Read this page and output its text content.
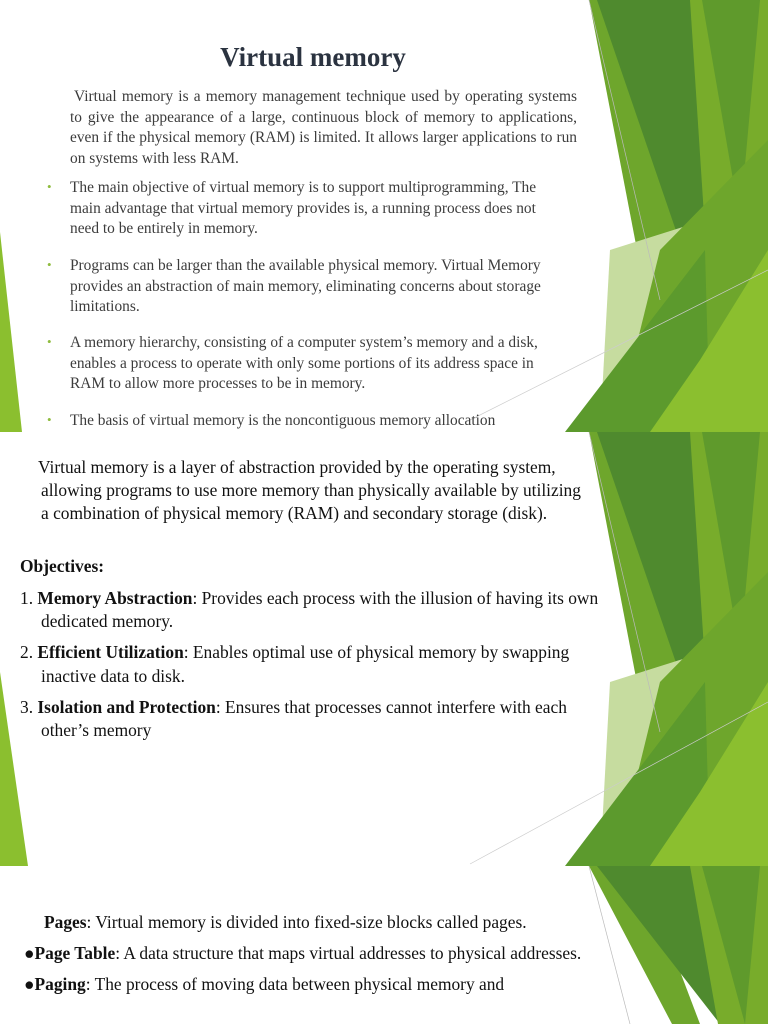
Virtual memory

Virtual memory is a memory management technique used by operating systems to give the appearance of a large, continuous block of memory to applications, even if the physical memory (RAM) is limited. It allows larger applications to run on systems with less RAM.

• The main objective of virtual memory is to support multiprogramming, The main advantage that virtual memory provides is, a running process does not need to be entirely in memory.
• Programs can be larger than the available physical memory. Virtual Memory provides an abstraction of main memory, eliminating concerns about storage limitations.
• A memory hierarchy, consisting of a computer system’s memory and a disk, enables a process to operate with only some portions of its address space in RAM to allow more processes to be in memory.
• The basis of virtual memory is the noncontiguous memory allocation

Virtual memory is a layer of abstraction provided by the operating system, allowing programs to use more memory than physically available by utilizing a combination of physical memory (RAM) and secondary storage (disk).

Objectives:

1. Memory Abstraction: Provides each process with the illusion of having its own dedicated memory.
2. Efficient Utilization: Enables optimal use of physical memory by swapping inactive data to disk.
3. Isolation and Protection: Ensures that processes cannot interfere with each other’s memory

Pages: Virtual memory is divided into fixed-size blocks called pages.

●Page Table: A data structure that maps virtual addresses to physical addresses.
●Paging: The process of moving data between physical memory and
